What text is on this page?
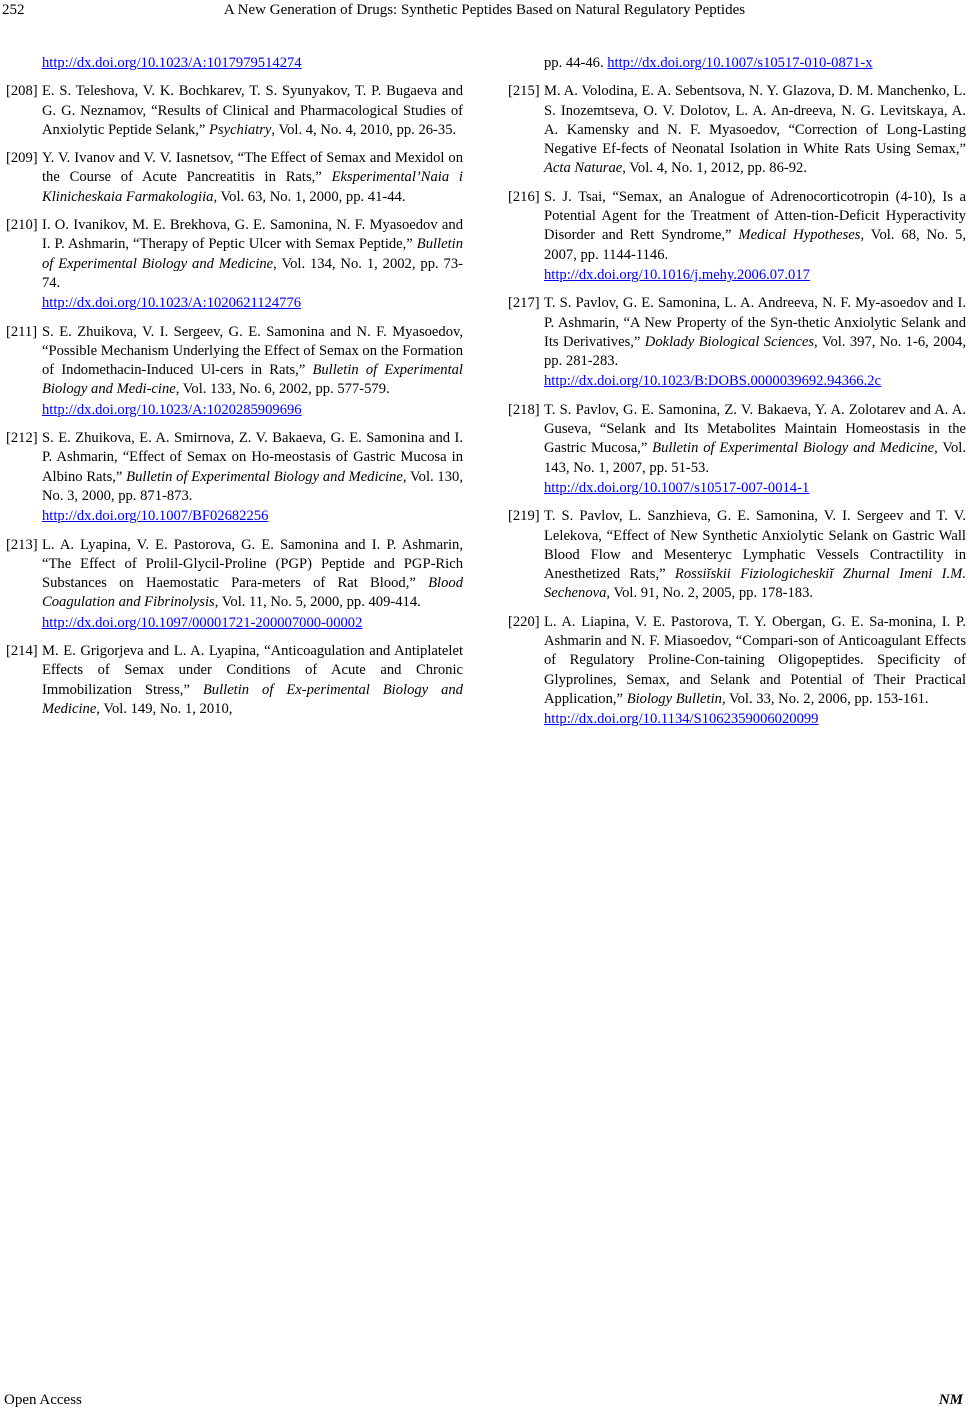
252	A New Generation of Drugs: Synthetic Peptides Based on Natural Regulatory Peptides
http://dx.doi.org/10.1023/A:1017979514274
[208] E. S. Teleshova, V. K. Bochkarev, T. S. Syunyakov, T. P. Bugaeva and G. G. Neznamov, “Results of Clinical and Pharmacological Studies of Anxiolytic Peptide Selank,” Psychiatry, Vol. 4, No. 4, 2010, pp. 26-35.
[209] Y. V. Ivanov and V. V. Iasnetsov, “The Effect of Semax and Mexidol on the Course of Acute Pancreatitis in Rats,” Eksperimental’Naia i Klinicheskaia Farmakologiia, Vol. 63, No. 1, 2000, pp. 41-44.
[210] I. O. Ivanikov, M. E. Brekhova, G. E. Samonina, N. F. Myasoedov and I. P. Ashmarin, “Therapy of Peptic Ulcer with Semax Peptide,” Bulletin of Experimental Biology and Medicine, Vol. 134, No. 1, 2002, pp. 73-74.
http://dx.doi.org/10.1023/A:1020621124776
[211] S. E. Zhuikova, V. I. Sergeev, G. E. Samonina and N. F. Myasoedov, “Possible Mechanism Underlying the Effect of Semax on the Formation of Indomethacin-Induced Ul-cers in Rats,” Bulletin of Experimental Biology and Medi-cine, Vol. 133, No. 6, 2002, pp. 577-579.
http://dx.doi.org/10.1023/A:1020285909696
[212] S. E. Zhuikova, E. A. Smirnova, Z. V. Bakaeva, G. E. Samonina and I. P. Ashmarin, “Effect of Semax on Ho-meostasis of Gastric Mucosa in Albino Rats,” Bulletin of Experimental Biology and Medicine, Vol. 130, No. 3, 2000, pp. 871-873.
http://dx.doi.org/10.1007/BF02682256
[213] L. A. Lyapina, V. E. Pastorova, G. E. Samonina and I. P. Ashmarin, “The Effect of Prolil-Glycil-Proline (PGP) Peptide and PGP-Rich Substances on Haemostatic Para-meters of Rat Blood,” Blood Coagulation and Fibrinolysis, Vol. 11, No. 5, 2000, pp. 409-414.
http://dx.doi.org/10.1097/00001721-200007000-00002
[214] M. E. Grigorjeva and L. A. Lyapina, “Anticoagulation and Antiplatelet Effects of Semax under Conditions of Acute and Chronic Immobilization Stress,” Bulletin of Ex-perimental Biology and Medicine, Vol. 149, No. 1, 2010,
pp. 44-46. http://dx.doi.org/10.1007/s10517-010-0871-x
[215] M. A. Volodina, E. A. Sebentsova, N. Y. Glazova, D. M. Manchenko, L. S. Inozemtseva, O. V. Dolotov, L. A. An-dreeva, N. G. Levitskaya, A. A. Kamensky and N. F. Myasoedov, “Correction of Long-Lasting Negative Ef-fects of Neonatal Isolation in White Rats Using Semax,” Acta Naturae, Vol. 4, No. 1, 2012, pp. 86-92.
[216] S. J. Tsai, “Semax, an Analogue of Adrenocorticotropin (4-10), Is a Potential Agent for the Treatment of Atten-tion-Deficit Hyperactivity Disorder and Rett Syndrome,” Medical Hypotheses, Vol. 68, No. 5, 2007, pp. 1144-1146.
http://dx.doi.org/10.1016/j.mehy.2006.07.017
[217] T. S. Pavlov, G. E. Samonina, L. A. Andreeva, N. F. My-asoedov and I. P. Ashmarin, “A New Property of the Syn-thetic Anxiolytic Selank and Its Derivatives,” Doklady Biological Sciences, Vol. 397, No. 1-6, 2004, pp. 281-283.
http://dx.doi.org/10.1023/B:DOBS.0000039692.94366.2c
[218] T. S. Pavlov, G. E. Samonina, Z. V. Bakaeva, Y. A. Zolotarev and A. A. Guseva, “Selank and Its Metabolites Maintain Homeostasis in the Gastric Mucosa,” Bulletin of Experimental Biology and Medicine, Vol. 143, No. 1, 2007, pp. 51-53.
http://dx.doi.org/10.1007/s10517-007-0014-1
[219] T. S. Pavlov, L. Sanzhieva, G. E. Samonina, V. I. Sergeev and T. V. Lelekova, “Effect of New Synthetic Anxiolytic Selank on Gastric Wall Blood Flow and Mesenteryc Lymphatic Vessels Contractility in Anesthetized Rats,” Rossiĭskii Fiziologicheskiĭ Zhurnal Imeni I.M. Sechenova, Vol. 91, No. 2, 2005, pp. 178-183.
[220] L. A. Liapina, V. E. Pastorova, T. Y. Obergan, G. E. Sa-monina, I. P. Ashmarin and N. F. Miasoedov, “Compari-son of Anticoagulant Effects of Regulatory Proline-Con-taining Oligopeptides. Specificity of Glyprolines, Semax, and Selank and Potential of Their Practical Application,” Biology Bulletin, Vol. 33, No. 2, 2006, pp. 153-161.
http://dx.doi.org/10.1134/S1062359006020099
Open Access	NM
